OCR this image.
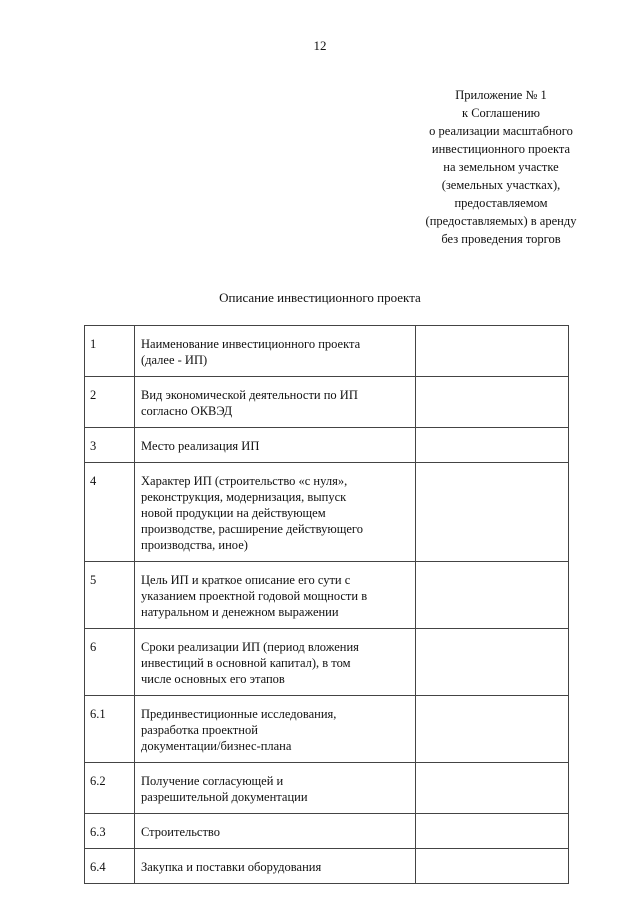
12
Приложение № 1
к Соглашению
о реализации масштабного
инвестиционного проекта
на земельном участке
(земельных участках),
предоставляемом
(предоставляемых) в аренду
без проведения торгов
Описание инвестиционного проекта
1	Наименование инвестиционного проекта
(далее - ИП)	

2	Вид экономической деятельности по ИП
согласно ОКВЭД	

3	Место реализация ИП	

4	Характер ИП (строительство «с нуля»,
реконструкция, модернизация, выпуск
новой продукции на действующем
производстве, расширение действующего
производства, иное)	

5	Цель ИП и краткое описание его сути с
указанием проектной годовой мощности в
натуральном и денежном выражении	

6	Сроки реализации ИП (период вложения
инвестиций в основной капитал), в том
числе основных его этапов	

6.1	Прединвестиционные исследования,
разработка проектной
документации/бизнес-плана	

6.2	Получение согласующей и
разрешительной документации	

6.3	Строительство	

6.4	Закупка и поставки оборудования	
